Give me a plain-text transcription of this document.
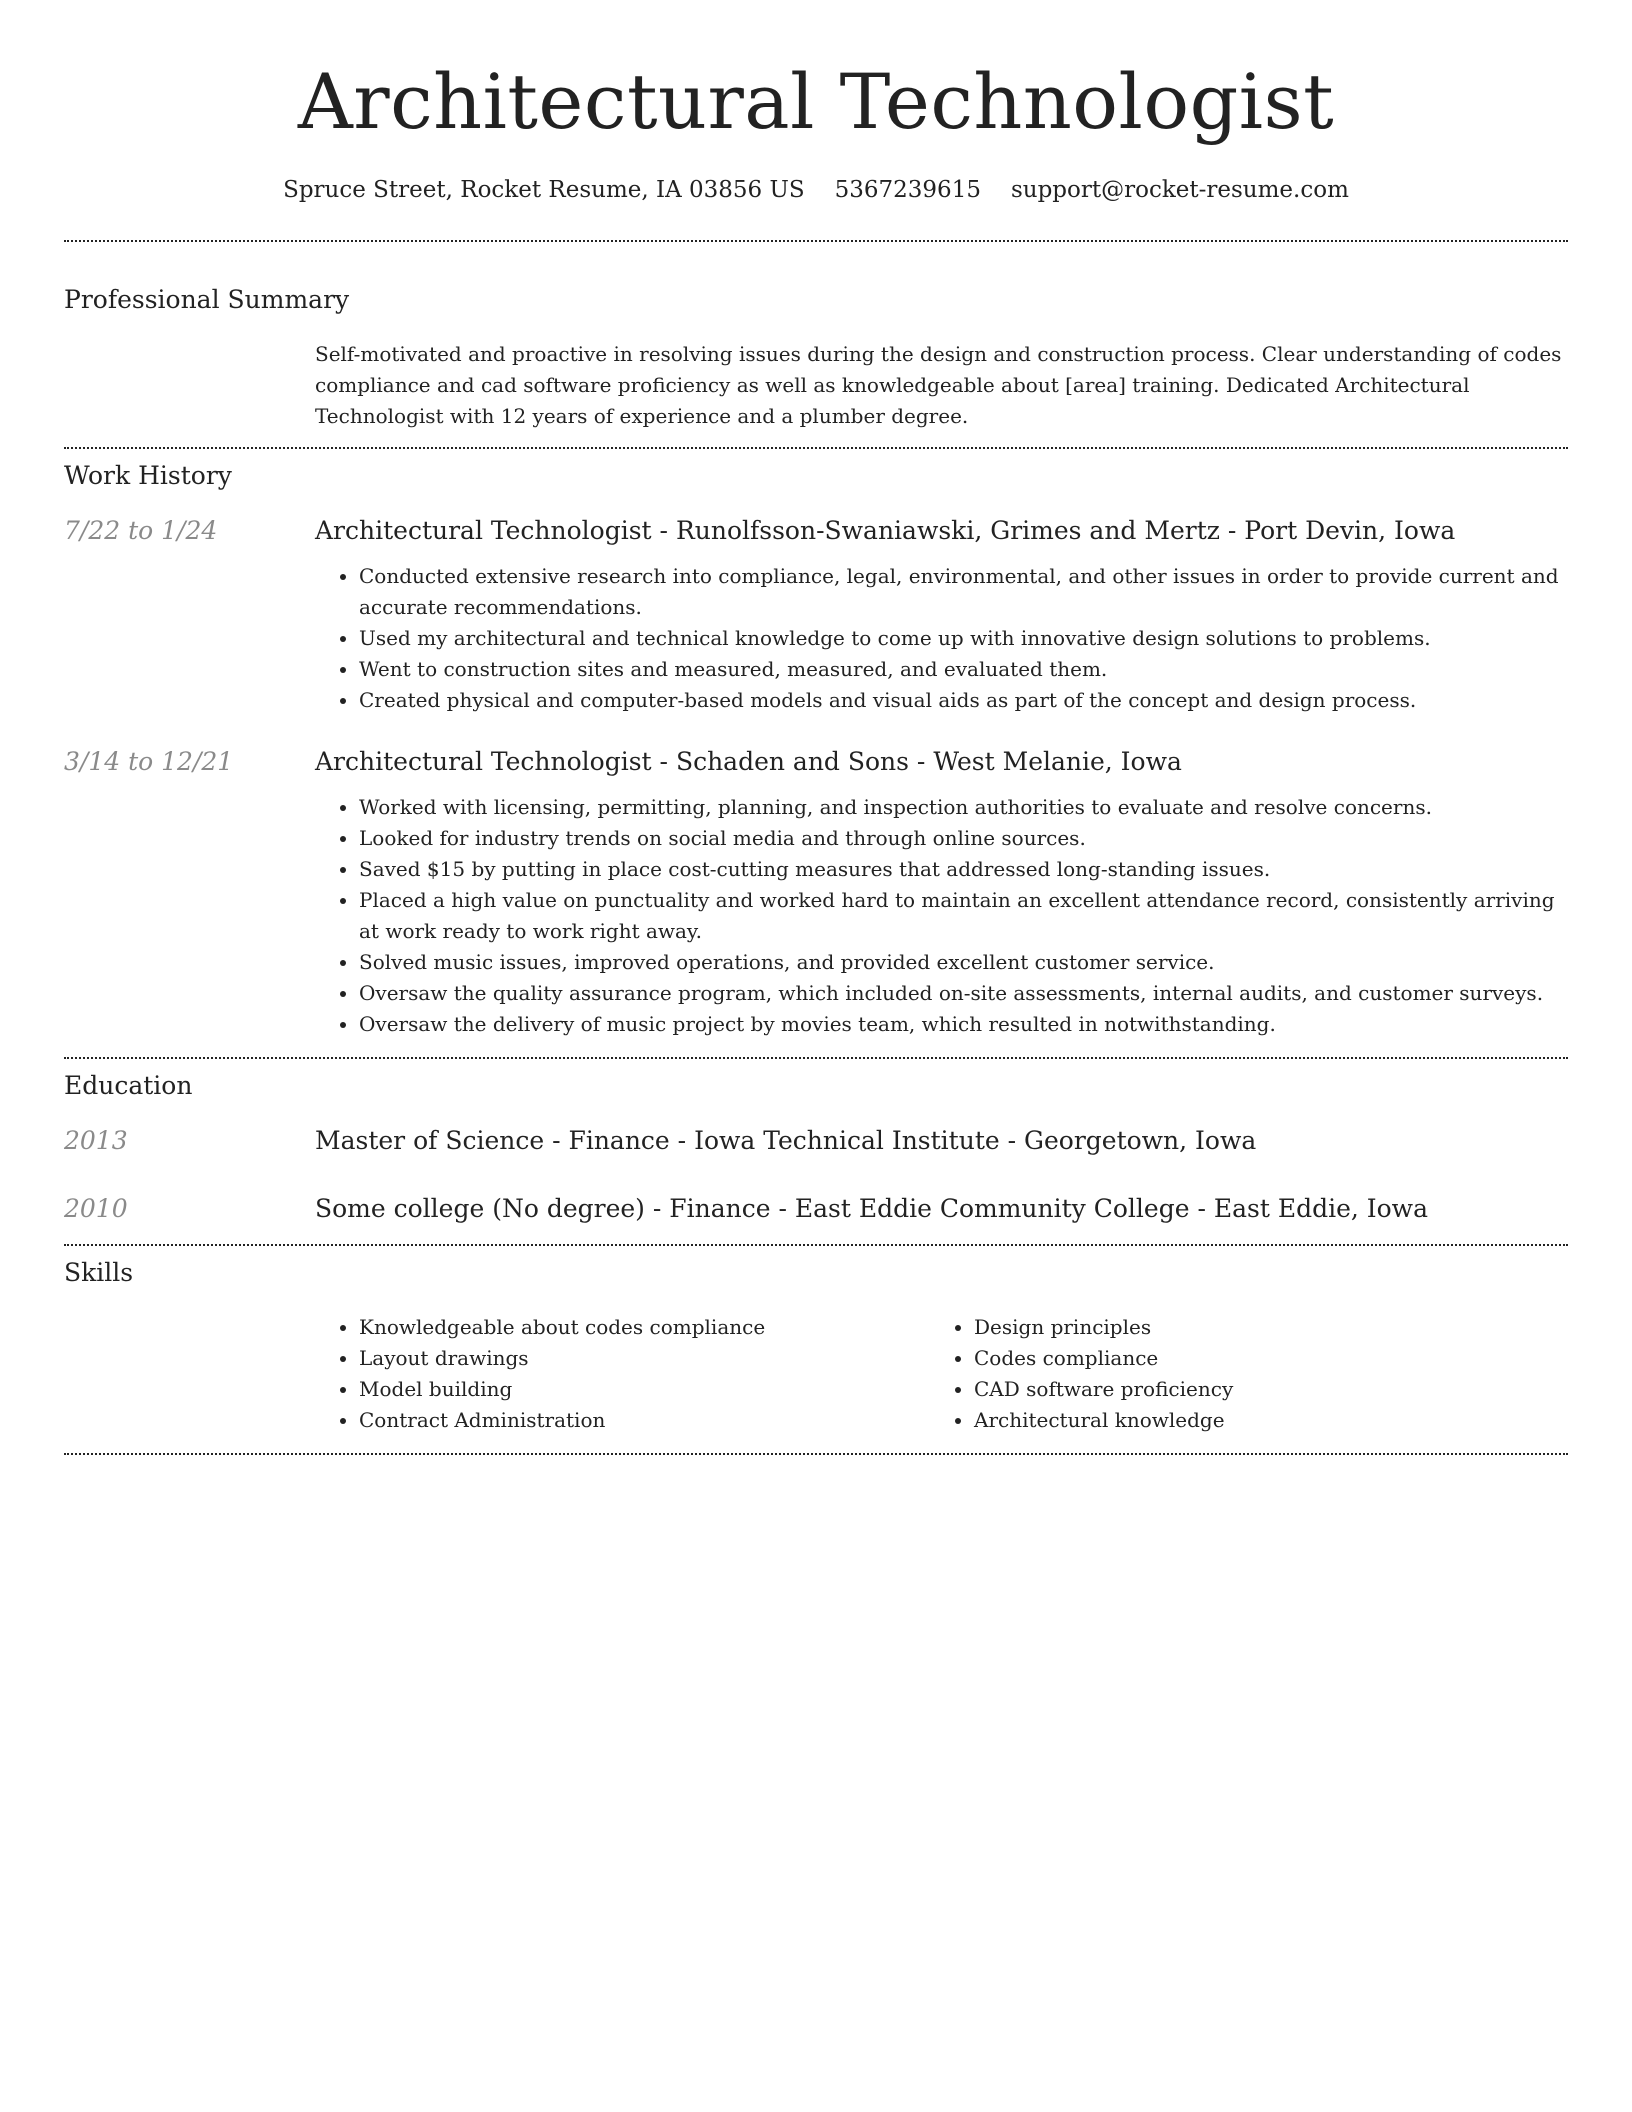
Architectural Technologist
Spruce Street, Rocket Resume, IA 03856 US 5367239615 support@rocket-resume.com
Professional Summary

Self-motivated and proactive in resolving issues during the design and construction process. Clear understanding of codes compliance and cad software proficiency as well as knowledgeable about [area] training. Dedicated Architectural Technologist with 12 years of experience and a plumber degree.

Work History
7/22 to 1/24	Architectural Technologist - Runolfsson-Swaniawski, Grimes and Mertz - Port Devin, Iowa
• Conducted extensive research into compliance, legal, environmental, and other issues in order to provide current and accurate recommendations.
• Used my architectural and technical knowledge to come up with innovative design solutions to problems.
• Went to construction sites and measured, measured, and evaluated them.
• Created physical and computer-based models and visual aids as part of the concept and design process.
3/14 to 12/21	Architectural Technologist - Schaden and Sons - West Melanie, Iowa
• Worked with licensing, permitting, planning, and inspection authorities to evaluate and resolve concerns.
• Looked for industry trends on social media and through online sources.
• Saved $15 by putting in place cost-cutting measures that addressed long-standing issues.
• Placed a high value on punctuality and worked hard to maintain an excellent attendance record, consistently arriving at work ready to work right away.
• Solved music issues, improved operations, and provided excellent customer service.
• Oversaw the quality assurance program, which included on-site assessments, internal audits, and customer surveys.
• Oversaw the delivery of music project by movies team, which resulted in notwithstanding.
Education
2013	Master of Science - Finance - Iowa Technical Institute - Georgetown, Iowa
2010	Some college (No degree) - Finance - East Eddie Community College - East Eddie, Iowa
Skills
• Knowledgeable about codes compliance
• Layout drawings
• Model building
• Contract Administration
• Design principles
• Codes compliance
• CAD software proficiency
• Architectural knowledge
